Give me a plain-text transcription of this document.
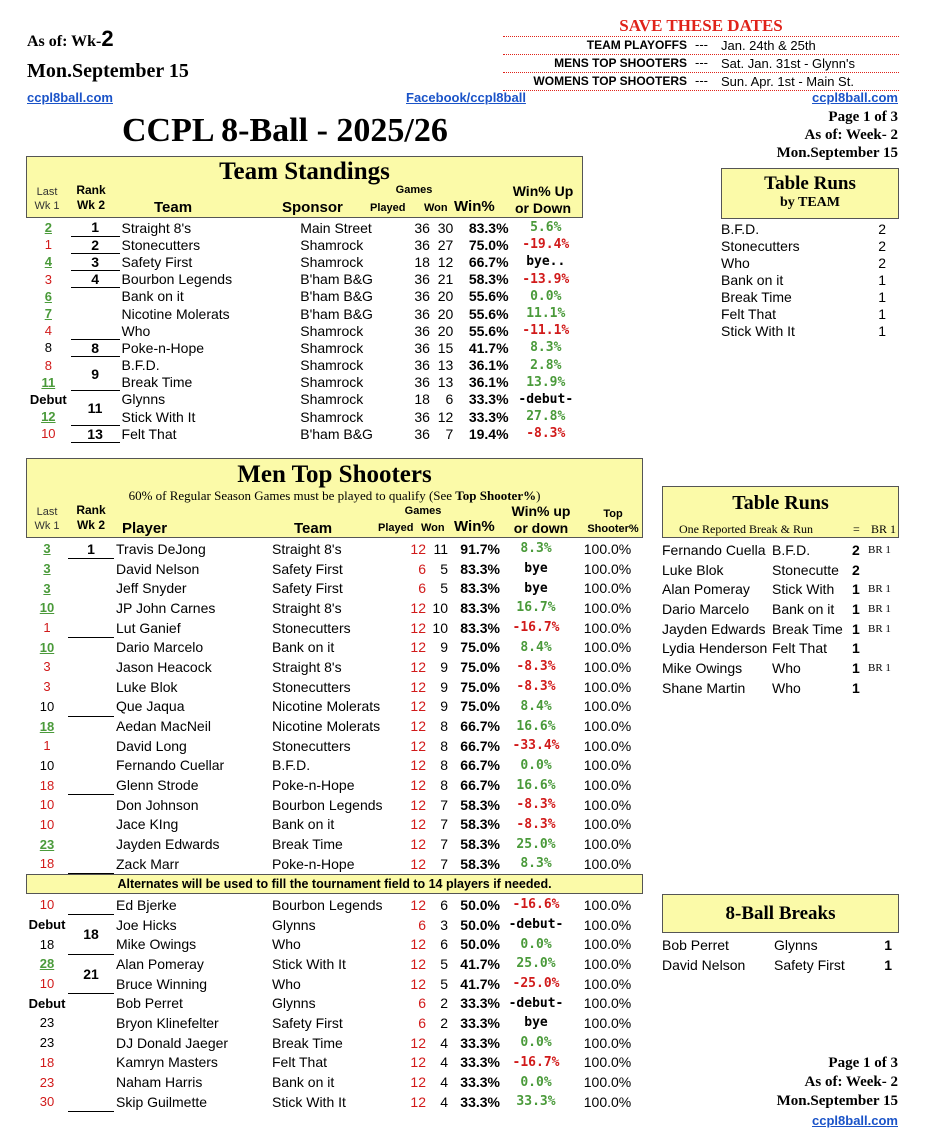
As of: Wk-2
Mon.September 15
ccpl8ball.com	Facebook/ccpl8ball	ccpl8ball.com
CCPL 8-Ball - 2025/26	Page 1 of 3
As of: Week- 2
Mon.September 15
SAVE THESE DATES
TEAM PLAYOFFS --- Jan. 24th & 25th
MENS TOP SHOOTERS --- Sat. Jan. 31st - Glynn's
WOMENS TOP SHOOTERS --- Sun. Apr. 1st - Main St.
Team Standings
Last
Wk 1
Rank
Wk 2	Team	Sponsor
Games
Played Won Win%
Win% Up
or Down
2	1	Straight 8's	Main Street	36	30	83.3%	5.6%
1	2	Stonecutters	Shamrock	36	27	75.0%	-19.4%
4	3	Safety First	Shamrock	18	12	66.7%	bye..
3	4	Bourbon Legends	B'ham B&G	36	21	58.3%	-13.9%
6		Bank on it	B'ham B&G	36	20	55.6%	0.0%
7		Nicotine Molerats	B'ham B&G	36	20	55.6%	11.1%
4		Who	Shamrock	36	20	55.6%	-11.1%
8	8	Poke-n-Hope	Shamrock	36	15	41.7%	8.3%
8	9	B.F.D.	Shamrock	36	13	36.1%	2.8%
11		Break Time	Shamrock	36	13	36.1%	13.9%
Debut	11	Glynns	Shamrock	18	6	33.3%	-debut-
12		Stick With It	Shamrock	36	12	33.3%	27.8%
10	13	Felt That	B'ham B&G	36	7	19.4%	-8.3%
Table Runs
by TEAM
B.F.D.	2
Stonecutters	2
Who	2
Bank on it	1
Break Time	1
Felt That	1
Stick With It	1
Men Top Shooters
60% of Regular Season Games must be played to qualify (See Top Shooter%)
Last
Wk 1
Rank
Wk 2	Player	Team
Games
Played Won Win%
Win% up
or down
Top
Shooter%
3	1	Travis DeJong	Straight 8's	12	11	91.7%	8.3%	100.0%
3		David Nelson	Safety First	6	5	83.3%	bye	100.0%
3		Jeff Snyder	Safety First	6	5	83.3%	bye	100.0%
10		JP John Carnes	Straight 8's	12	10	83.3%	16.7%	100.0%
1		Lut Ganief	Stonecutters	12	10	83.3%	-16.7%	100.0%
10		Dario Marcelo	Bank on it	12	9	75.0%	8.4%	100.0%
3		Jason Heacock	Straight 8's	12	9	75.0%	-8.3%	100.0%
3		Luke Blok	Stonecutters	12	9	75.0%	-8.3%	100.0%
10		Que Jaqua	Nicotine Molerats	12	9	75.0%	8.4%	100.0%
18		Aedan MacNeil	Nicotine Molerats	12	8	66.7%	16.6%	100.0%
1		David Long	Stonecutters	12	8	66.7%	-33.4%	100.0%
10		Fernando Cuellar	B.F.D.	12	8	66.7%	0.0%	100.0%
18		Glenn Strode	Poke-n-Hope	12	8	66.7%	16.6%	100.0%
10		Don Johnson	Bourbon Legends	12	7	58.3%	-8.3%	100.0%
10		Jace KIng	Bank on it	12	7	58.3%	-8.3%	100.0%
23		Jayden Edwards	Break Time	12	7	58.3%	25.0%	100.0%
18		Zack Marr	Poke-n-Hope	12	7	58.3%	8.3%	100.0%
Alternates will be used to fill the tournament field to 14 players if needed.
10		Ed Bjerke	Bourbon Legends	12	6	50.0%	-16.6%	100.0%
Debut	18	Joe Hicks	Glynns	6	3	50.0%	-debut-	100.0%
18		Mike Owings	Who	12	6	50.0%	0.0%	100.0%
28	21	Alan Pomeray	Stick With It	12	5	41.7%	25.0%	100.0%
10		Bruce Winning	Who	12	5	41.7%	-25.0%	100.0%
Debut		Bob Perret	Glynns	6	2	33.3%	-debut-	100.0%
23		Bryon Klinefelter	Safety First	6	2	33.3%	bye	100.0%
23		DJ Donald Jaeger	Break Time	12	4	33.3%	0.0%	100.0%
18		Kamryn Masters	Felt That	12	4	33.3%	-16.7%	100.0%
23		Naham Harris	Bank on it	12	4	33.3%	0.0%	100.0%
30		Skip Guilmette	Stick With It	12	4	33.3%	33.3%	100.0%
Table Runs
One Reported Break & Run	= BR 1
Fernando Cuella	B.F.D.	2	BR 1
Luke Blok	Stonecutte	2	
Alan Pomeray	Stick With	1	BR 1
Dario Marcelo	Bank on it	1	BR 1
Jayden Edwards	Break Time	1	BR 1
Lydia Henderson	Felt That	1	
Mike Owings	Who	1	BR 1
Shane Martin	Who	1	
8-Ball Breaks
Bob Perret	Glynns	1
David Nelson	Safety First	1
Page 1 of 3
As of: Week- 2
Mon.September 15
ccpl8ball.com
